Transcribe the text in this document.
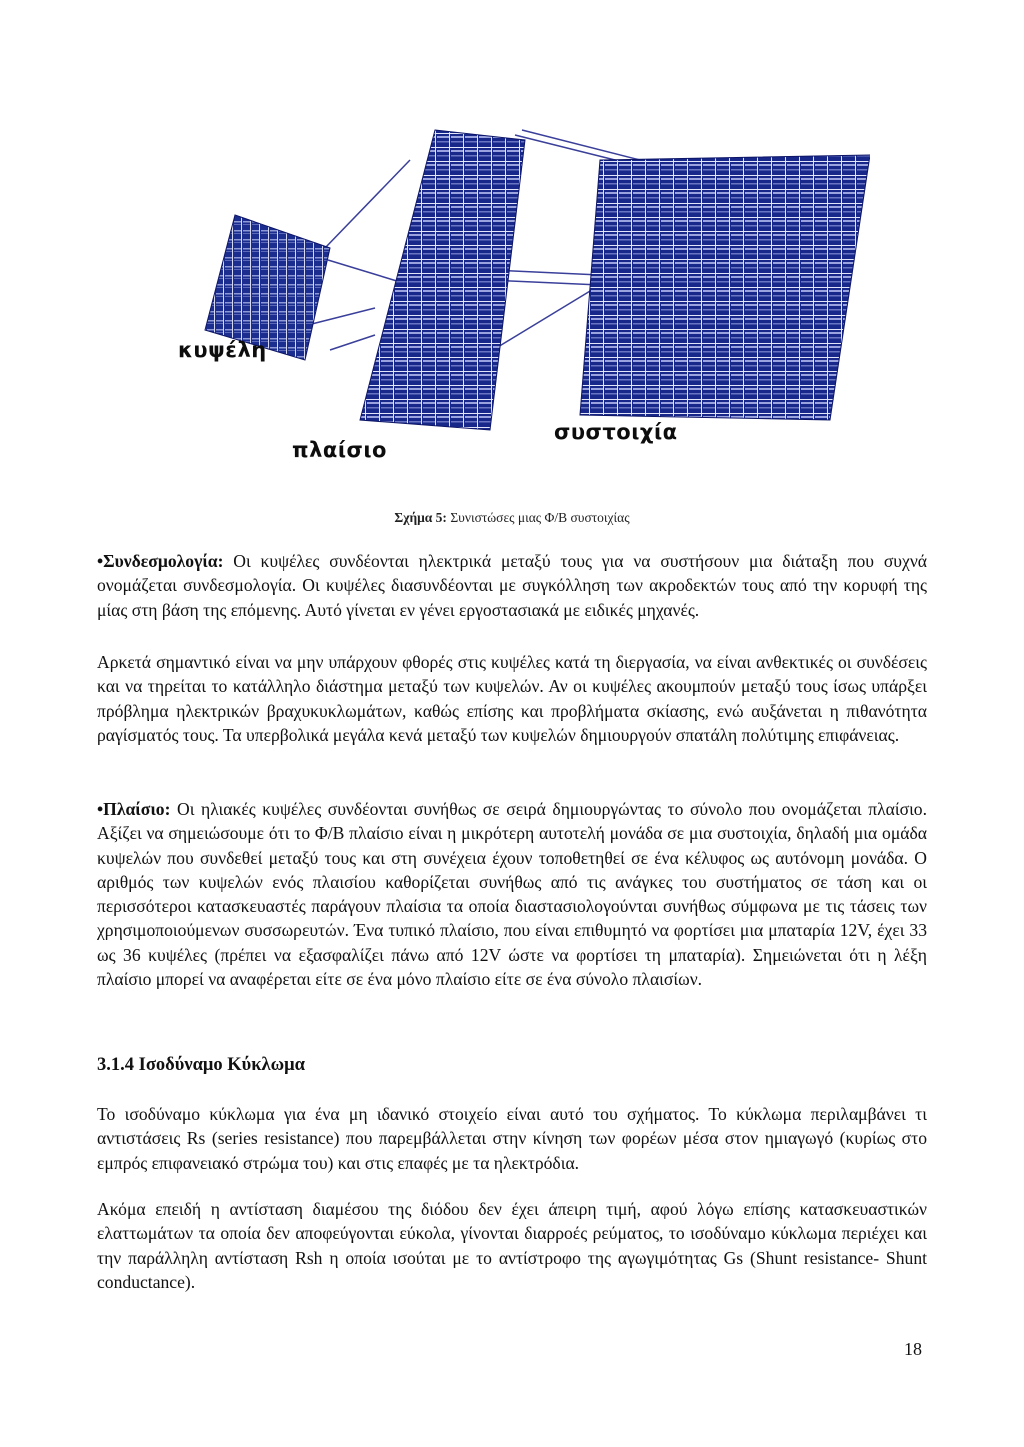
κυψέλη
πλαίσιο
συστοιχία
Σχήμα 5: Συνιστώσες μιας Φ/Β συστοιχίας

•Συνδεσμολογία: Οι κυψέλες συνδέονται ηλεκτρικά μεταξύ τους για να συστήσουν μια διάταξη που συχνά ονομάζεται συνδεσμολογία. Οι κυψέλες διασυνδέονται με συγκόλληση των ακροδεκτών τους από την κορυφή της μίας στη βάση της επόμενης. Αυτό γίνεται εν γένει εργοστασιακά με ειδικές μηχανές.

Αρκετά σημαντικό είναι να μην υπάρχουν φθορές στις κυψέλες κατά τη διεργασία, να είναι ανθεκτικές οι συνδέσεις και να τηρείται το κατάλληλο διάστημα μεταξύ των κυψελών. Αν οι κυψέλες ακουμπούν μεταξύ τους ίσως υπάρξει πρόβλημα ηλεκτρικών βραχυκυκλωμάτων, καθώς επίσης και προβλήματα σκίασης, ενώ αυξάνεται η πιθανότητα ραγίσματός τους. Τα υπερβολικά μεγάλα κενά μεταξύ των κυψελών δημιουργούν σπατάλη πολύτιμης επιφάνειας.

•Πλαίσιο: Οι ηλιακές κυψέλες συνδέονται συνήθως σε σειρά δημιουργώντας το σύνολο που ονομάζεται πλαίσιο. Αξίζει να σημειώσουμε ότι το Φ/Β πλαίσιο είναι η μικρότερη αυτοτελή μονάδα σε μια συστοιχία, δηλαδή μια ομάδα κυψελών που συνδεθεί μεταξύ τους και στη συνέχεια έχουν τοποθετηθεί σε ένα κέλυφος ως αυτόνομη μονάδα. Ο αριθμός των κυψελών ενός πλαισίου καθορίζεται συνήθως από τις ανάγκες του συστήματος σε τάση και οι περισσότεροι κατασκευαστές παράγουν πλαίσια τα οποία διαστασιολογούνται συνήθως σύμφωνα με τις τάσεις των χρησιμοποιούμενων συσσωρευτών. Ένα τυπικό πλαίσιο, που είναι επιθυμητό να φορτίσει μια μπαταρία 12V, έχει 33 ως 36 κυψέλες (πρέπει να εξασφαλίζει πάνω από 12V ώστε να φορτίσει τη μπαταρία). Σημειώνεται ότι η λέξη πλαίσιο μπορεί να αναφέρεται είτε σε ένα μόνο πλαίσιο είτε σε ένα σύνολο πλαισίων.

3.1.4 Ισοδύναμο Κύκλωμα

Το ισοδύναμο κύκλωμα για ένα μη ιδανικό στοιχείο είναι αυτό του σχήματος. Το κύκλωμα περιλαμβάνει τι αντιστάσεις Rs (series resistance) που παρεμβάλλεται στην κίνηση των φορέων μέσα στον ημιαγωγό (κυρίως στο εμπρός επιφανειακό στρώμα του) και στις επαφές με τα ηλεκτρόδια.

Ακόμα επειδή η αντίσταση διαμέσου της διόδου δεν έχει άπειρη τιμή, αφού λόγω επίσης κατασκευαστικών ελαττωμάτων τα οποία δεν αποφεύγονται εύκολα, γίνονται διαρροές ρεύματος, το ισοδύναμο κύκλωμα περιέχει και την παράλληλη αντίσταση Rsh η οποία ισούται με το αντίστροφο της αγωγιμότητας Gs (Shunt resistance- Shunt conductance).

18
